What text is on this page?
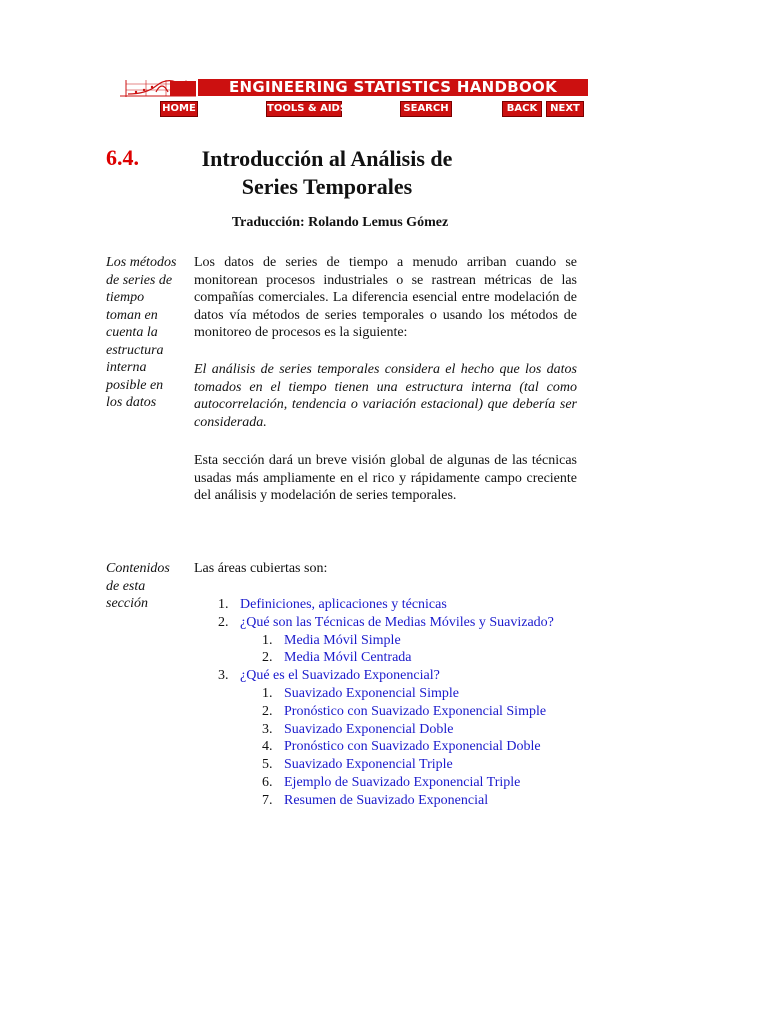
ENGINEERING STATISTICS HANDBOOK
HOME	TOOLS & AIDS	SEARCH	BACK	NEXT
6.4.	Introducción al Análisis de Series Temporales
Traducción: Rolando Lemus Gómez
Los métodos de series de tiempo toman en cuenta la estructura interna posible en los datos
Contenidos de esta sección

Los datos de series de tiempo a menudo arriban cuando se monitorean procesos industriales o se rastrean métricas de las compañías comerciales. La diferencia esencial entre modelación de datos vía métodos de series temporales o usando los métodos de monitoreo de procesos es la siguiente:

El análisis de series temporales considera el hecho que los datos tomados en el tiempo tienen una estructura interna (tal como autocorrelación, tendencia o variación estacional) que debería ser considerada.

Esta sección dará un breve visión global de algunas de las técnicas usadas más ampliamente en el rico y rápidamente campo creciente del análisis y modelación de series temporales.

Las áreas cubiertas son:

1. Definiciones, aplicaciones y técnicas
2. ¿Qué son las Técnicas de Medias Móviles y Suavizado?
1. Media Móvil Simple
2. Media Móvil Centrada
3. ¿Qué es el Suavizado Exponencial?
1. Suavizado Exponencial Simple
2. Pronóstico con Suavizado Exponencial Simple
3. Suavizado Exponencial Doble
4. Pronóstico con Suavizado Exponencial Doble
5. Suavizado Exponencial Triple
6. Ejemplo de Suavizado Exponencial Triple
7. Resumen de Suavizado Exponencial
